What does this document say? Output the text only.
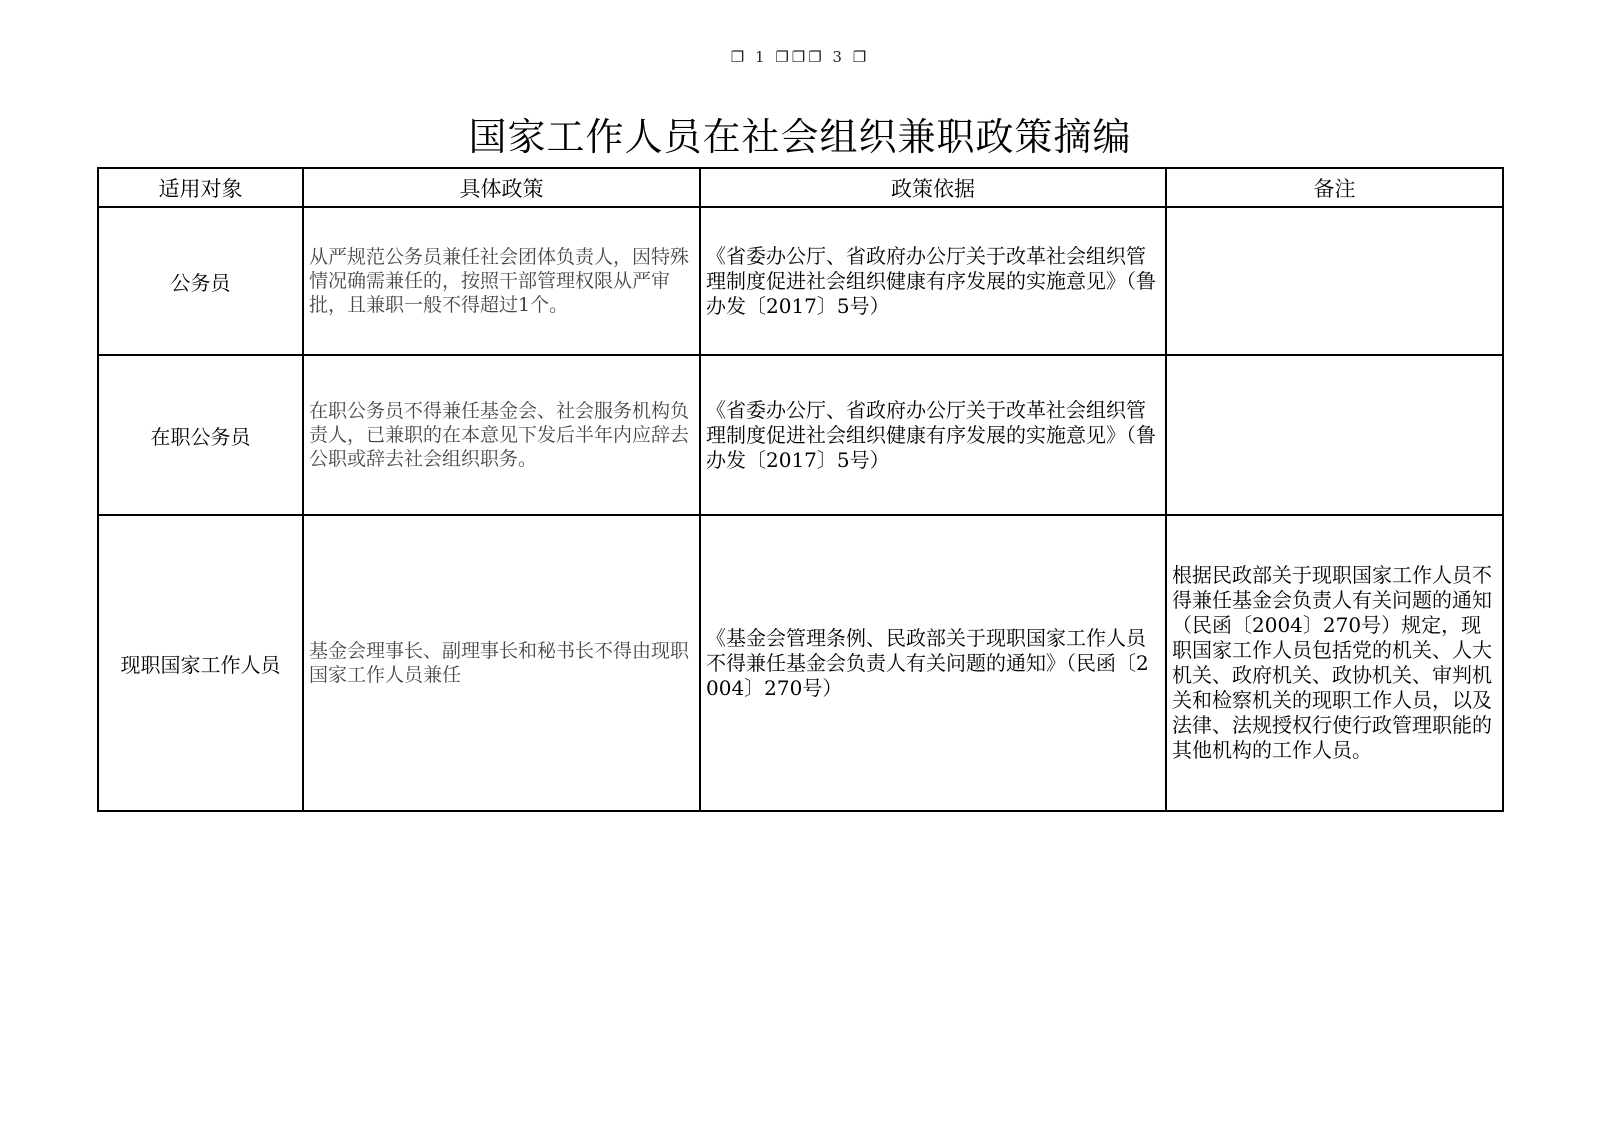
❐ 1 ❐❐❐ 3 ❐
国家工作人员在社会组织兼职政策摘编
适用对象	具体政策	政策依据	备注
公务员	从严规范公务员兼任社会团体负责人，因特殊情况确需兼任的，按照干部管理权限从严审批，且兼职一般不得超过1个。	《省委办公厅、省政府办公厅关于改革社会组织管理制度促进社会组织健康有序发展的实施意见》（鲁办发〔2017〕5号）	
在职公务员	在职公务员不得兼任基金会、社会服务机构负责人，已兼职的在本意见下发后半年内应辞去公职或辞去社会组织职务。	《省委办公厅、省政府办公厅关于改革社会组织管理制度促进社会组织健康有序发展的实施意见》（鲁办发〔2017〕5号）	
现职国家工作人员	基金会理事长、副理事长和秘书长不得由现职国家工作人员兼任	《基金会管理条例、民政部关于现职国家工作人员不得兼任基金会负责人有关问题的通知》（民函〔2004〕270号）	根据民政部关于现职国家工作人员不得兼任基金会负责人有关问题的通知（民函〔2004〕270号）规定，现职国家工作人员包括党的机关、人大机关、政府机关、政协机关、审判机关和检察机关的现职工作人员，以及法律、法规授权行使行政管理职能的其他机构的工作人员。
